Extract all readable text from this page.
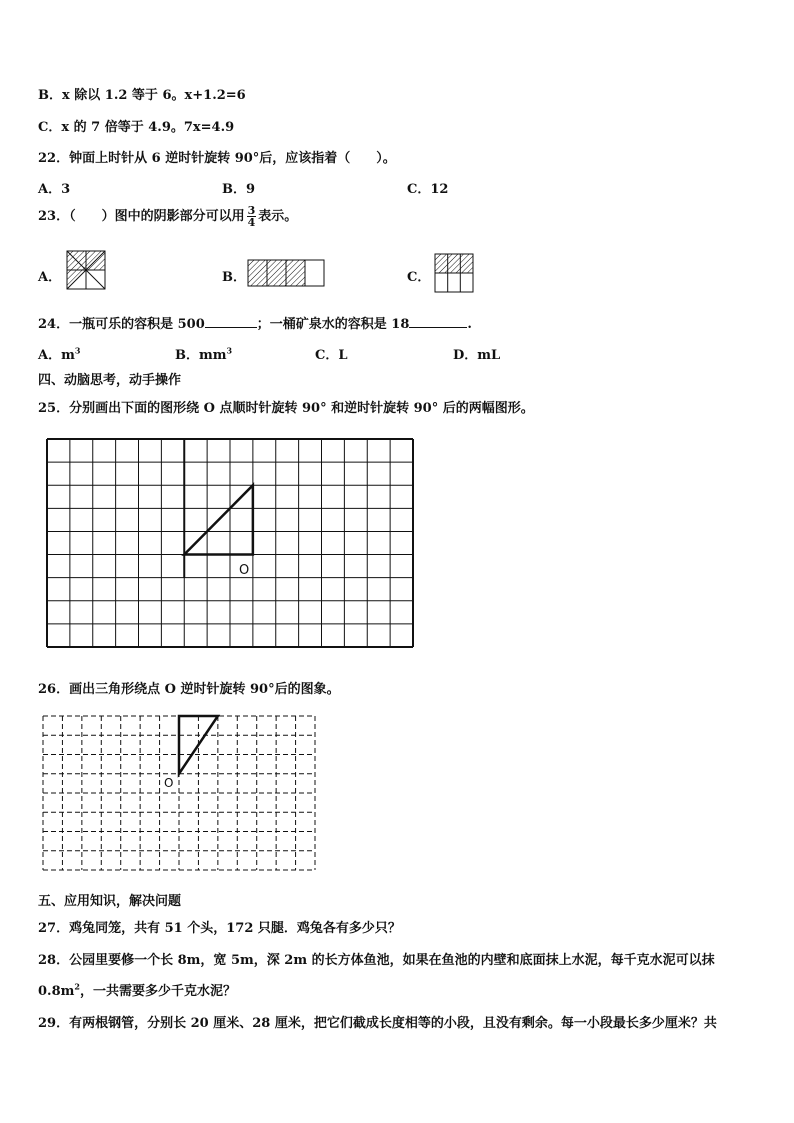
B．x 除以 1.2 等于 6。x+1.2=6
C．x 的 7 倍等于 4.9。7x=4.9
22．钟面上时针从 6 逆时针旋转 90°后，应该指着（　　）。
A．3	B．9	C．12
23．（　　）图中的阴影部分可以用 $\frac{3}{4}$ 表示。
A．	B．	C．
24．一瓶可乐的容积是 500	；一桶矿泉水的容积是 18	.
A．$m^3$	B．$mm^3$	C．L	D．mL
四、动脑思考，动手操作
25．分别画出下面的图形绕 O 点顺时针旋转 90° 和逆时针旋转 90° 后的两幅图形。
O
26．画出三角形绕点 O 逆时针旋转 90°后的图象。
O
五、应用知识，解决问题
27．鸡兔同笼，共有 51 个头，172 只腿．鸡兔各有多少只？
28．公园里要修一个长 8m，宽 5m，深 2m 的长方体鱼池，如果在鱼池的内壁和底面抹上水泥，每千克水泥可以抹
$0.8m^2$，一共需要多少千克水泥？
29．有两根钢管，分别长 20 厘米、28 厘米，把它们截成长度相等的小段，且没有剩余。每一小段最长多少厘米？共
